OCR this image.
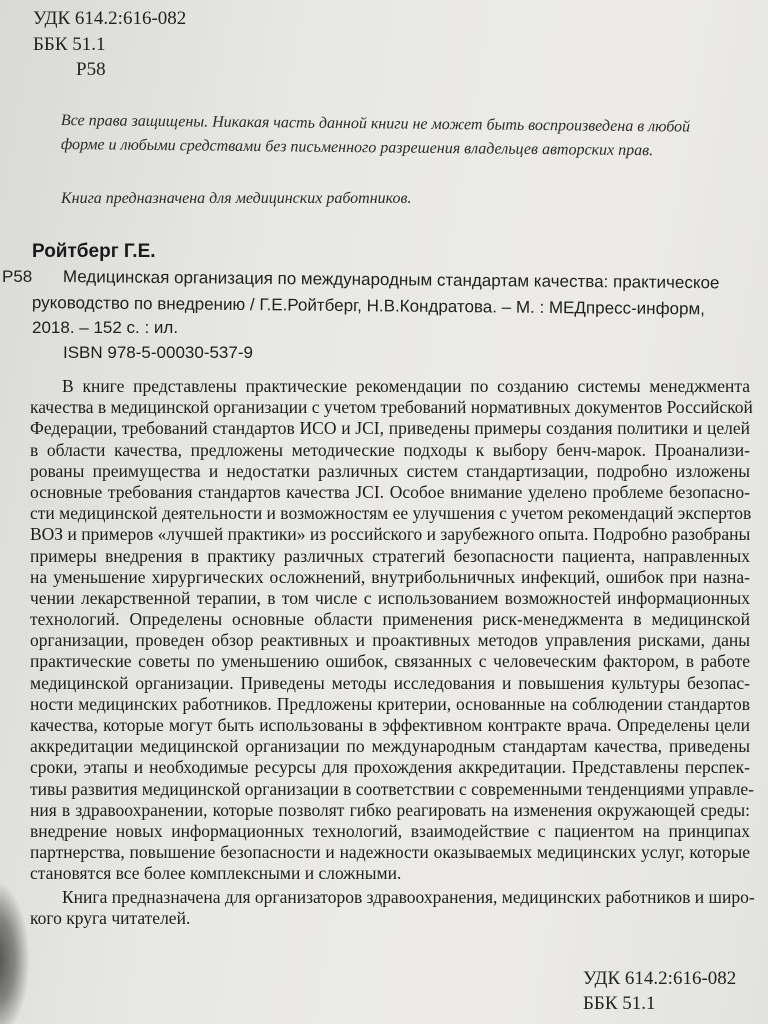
УДК 614.2:616-082
ББК 51.1
Р58
Все права защищены. Никакая часть данной книги не может быть воспроизведена в любой
форме и любыми средствами без письменного разрешения владельцев авторских прав.
Книга предназначена для медицинских работников.
Ройтберг Г.Е.
Р58 Медицинская организация по международным стандартам качества: практическое
руководство по внедрению / Г.Е.Ройтберг, Н.В.Кондратова. – М. : МЕДпресс-информ,
2018. – 152 с. : ил.
ISBN 978-5-00030-537-9
В книге представлены практические рекомендации по созданию системы менеджмента
качества в медицинской организации с учетом требований нормативных документов Российской
Федерации, требований стандартов ИСО и JCI, приведены примеры создания политики и целей
в области качества, предложены методические подходы к выбору бенч-марок. Проанализи-
рованы преимущества и недостатки различных систем стандартизации, подробно изложены
основные требования стандартов качества JCI. Особое внимание уделено проблеме безопасно-
сти медицинской деятельности и возможностям ее улучшения с учетом рекомендаций экспертов
ВОЗ и примеров «лучшей практики» из российского и зарубежного опыта. Подробно разобраны
примеры внедрения в практику различных стратегий безопасности пациента, направленных
на уменьшение хирургических осложнений, внутрибольничных инфекций, ошибок при назна-
чении лекарственной терапии, в том числе с использованием возможностей информационных
технологий. Определены основные области применения риск-менеджмента в медицинской
организации, проведен обзор реактивных и проактивных методов управления рисками, даны
практические советы по уменьшению ошибок, связанных с человеческим фактором, в работе
медицинской организации. Приведены методы исследования и повышения культуры безопас-
ности медицинских работников. Предложены критерии, основанные на соблюдении стандартов
качества, которые могут быть использованы в эффективном контракте врача. Определены цели
аккредитации медицинской организации по международным стандартам качества, приведены
сроки, этапы и необходимые ресурсы для прохождения аккредитации. Представлены перспек-
тивы развития медицинской организации в соответствии с современными тенденциями управле-
ния в здравоохранении, которые позволят гибко реагировать на изменения окружающей среды:
внедрение новых информационных технологий, взаимодействие с пациентом на принципах
партнерства, повышение безопасности и надежности оказываемых медицинских услуг, которые
становятся все более комплексными и сложными.
Книга предназначена для организаторов здравоохранения, медицинских работников и широ-
кого круга читателей.
УДК 614.2:616-082
ББК 51.1
